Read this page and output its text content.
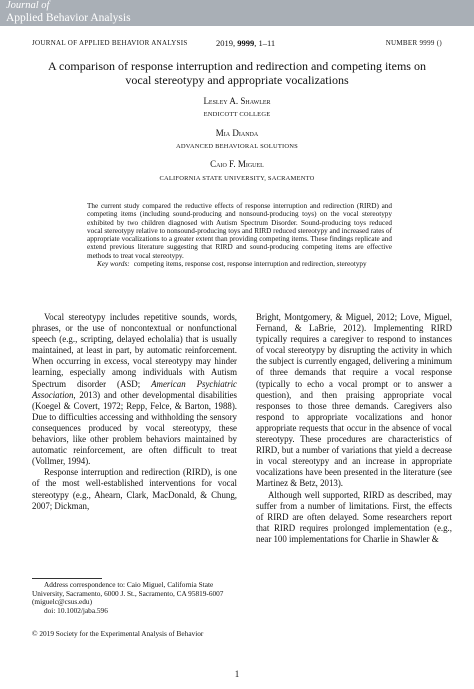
Journal of
Applied Behavior Analysis
JOURNAL OF APPLIED BEHAVIOR ANALYSIS	2019, 9999, 1–11	NUMBER 9999 ()
A comparison of response interruption and redirection and competing items on vocal stereotypy and appropriate vocalizations
Lesley A. Shawler
ENDICOTT COLLEGE
Mia Dianda
ADVANCED BEHAVIORAL SOLUTIONS
Caio F. Miguel
CALIFORNIA STATE UNIVERSITY, SACRAMENTO
The current study compared the reductive effects of response interruption and redirection (RIRD) and competing items (including sound-producing and nonsound-producing toys) on the vocal stereotypy exhibited by two children diagnosed with Autism Spectrum Disorder. Sound-producing toys reduced vocal stereotypy relative to nonsound-producing toys and RIRD reduced stereotypy and increased rates of appropriate vocalizations to a greater extent than providing competing items. These findings replicate and extend previous literature suggesting that RIRD and sound-producing competing items are effective methods to treat vocal stereotypy.
Key words: competing items, response cost, response interruption and redirection, stereotypy

Vocal stereotypy includes repetitive sounds, words, phrases, or the use of noncontextual or nonfunctional speech (e.g., scripting, delayed echolalia) that is usually maintained, at least in part, by automatic reinforcement. When occurring in excess, vocal stereotypy may hinder learning, especially among individuals with Autism Spectrum disorder (ASD; American Psychiatric Association, 2013) and other developmental disabilities (Koegel & Covert, 1972; Repp, Felce, & Barton, 1988). Due to difficulties accessing and withholding the sensory consequences produced by vocal stereotypy, these behaviors, like other problem behaviors maintained by automatic reinforcement, are often difficult to treat (Vollmer, 1994).

Response interruption and redirection (RIRD), is one of the most well-established interventions for vocal stereotypy (e.g., Ahearn, Clark, MacDonald, & Chung, 2007; Dickman,

Bright, Montgomery, & Miguel, 2012; Love, Miguel, Fernand, & LaBrie, 2012). Implementing RIRD typically requires a caregiver to respond to instances of vocal stereotypy by disrupting the activity in which the subject is currently engaged, delivering a minimum of three demands that require a vocal response (typically to echo a vocal prompt or to answer a question), and then praising appropriate vocal responses to those three demands. Caregivers also respond to appropriate vocalizations and honor appropriate requests that occur in the absence of vocal stereotypy. These procedures are characteristics of RIRD, but a number of variations that yield a decrease in vocal stereotypy and an increase in appropriate vocalizations have been presented in the literature (see Martinez & Betz, 2013).

Although well supported, RIRD as described, may suffer from a number of limitations. First, the effects of RIRD are often delayed. Some researchers report that RIRD requires prolonged implementation (e.g., near 100 implementations for Charlie in Shawler &

Address correspondence to: Caio Miguel, California State University, Sacramento, 6000 J. St., Sacramento, CA 95819-6007 (miguelc@csus.edu)

doi: 10.1002/jaba.596

© 2019 Society for the Experimental Analysis of Behavior
1
